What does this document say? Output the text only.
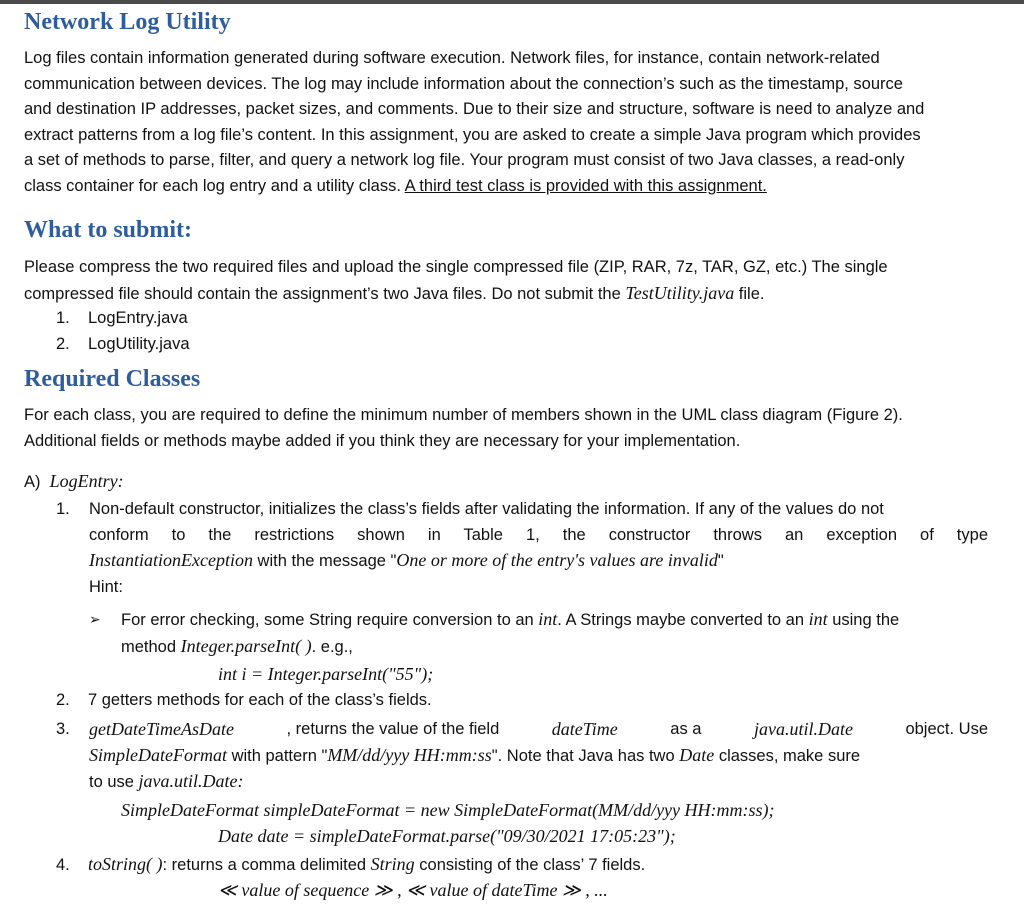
Network Log Utility
Log files contain information generated during software execution. Network files, for instance, contain network-related
communication between devices. The log may include information about the connection’s such as the timestamp, source
and destination IP addresses, packet sizes, and comments. Due to their size and structure, software is need to analyze and
extract patterns from a log file’s content. In this assignment, you are asked to create a simple Java program which provides
a set of methods to parse, filter, and query a network log file. Your program must consist of two Java classes, a read-only
class container for each log entry and a utility class. A third test class is provided with this assignment.
What to submit:
Please compress the two required files and upload the single compressed file (ZIP, RAR, 7z, TAR, GZ, etc.) The single
compressed file should contain the assignment’s two Java files. Do not submit the TestUtility.java file.
1. LogEntry.java
2. LogUtility.java
Required Classes
For each class, you are required to define the minimum number of members shown in the UML class diagram (Figure 2).
Additional fields or methods maybe added if you think they are necessary for your implementation.
A) LogEntry:
1. Non-default constructor, initializes the class’s fields after validating the information. If any of the values do not
conform to the restrictions shown in Table 1, the constructor throws an exception of type
InstantiationException with the message "One or more of the entry's values are invalid"
Hint:
➢	For error checking, some String require conversion to an int. A Strings maybe converted to an int using the
method Integer.parseInt( ). e.g.,
int i = Integer.parseInt("55");
2. 7 getters methods for each of the class’s fields.
3. getDateTimeAsDate	, returns the value of the field	dateTime	as a	java.util.Date	object. Use
SimpleDateFormat with pattern "MM/dd/yyy HH:mm:ss". Note that Java has two Date classes, make sure
to use java.util.Date:
SimpleDateFormat simpleDateFormat = new SimpleDateFormat(MM/dd/yyy HH:mm:ss);
Date date = simpleDateFormat.parse("09/30/2021 17:05:23");
4. toString( ): returns a comma delimited String consisting of the class’ 7 fields.
≪ value of sequence ≫ , ≪ value of dateTime ≫ , ...
